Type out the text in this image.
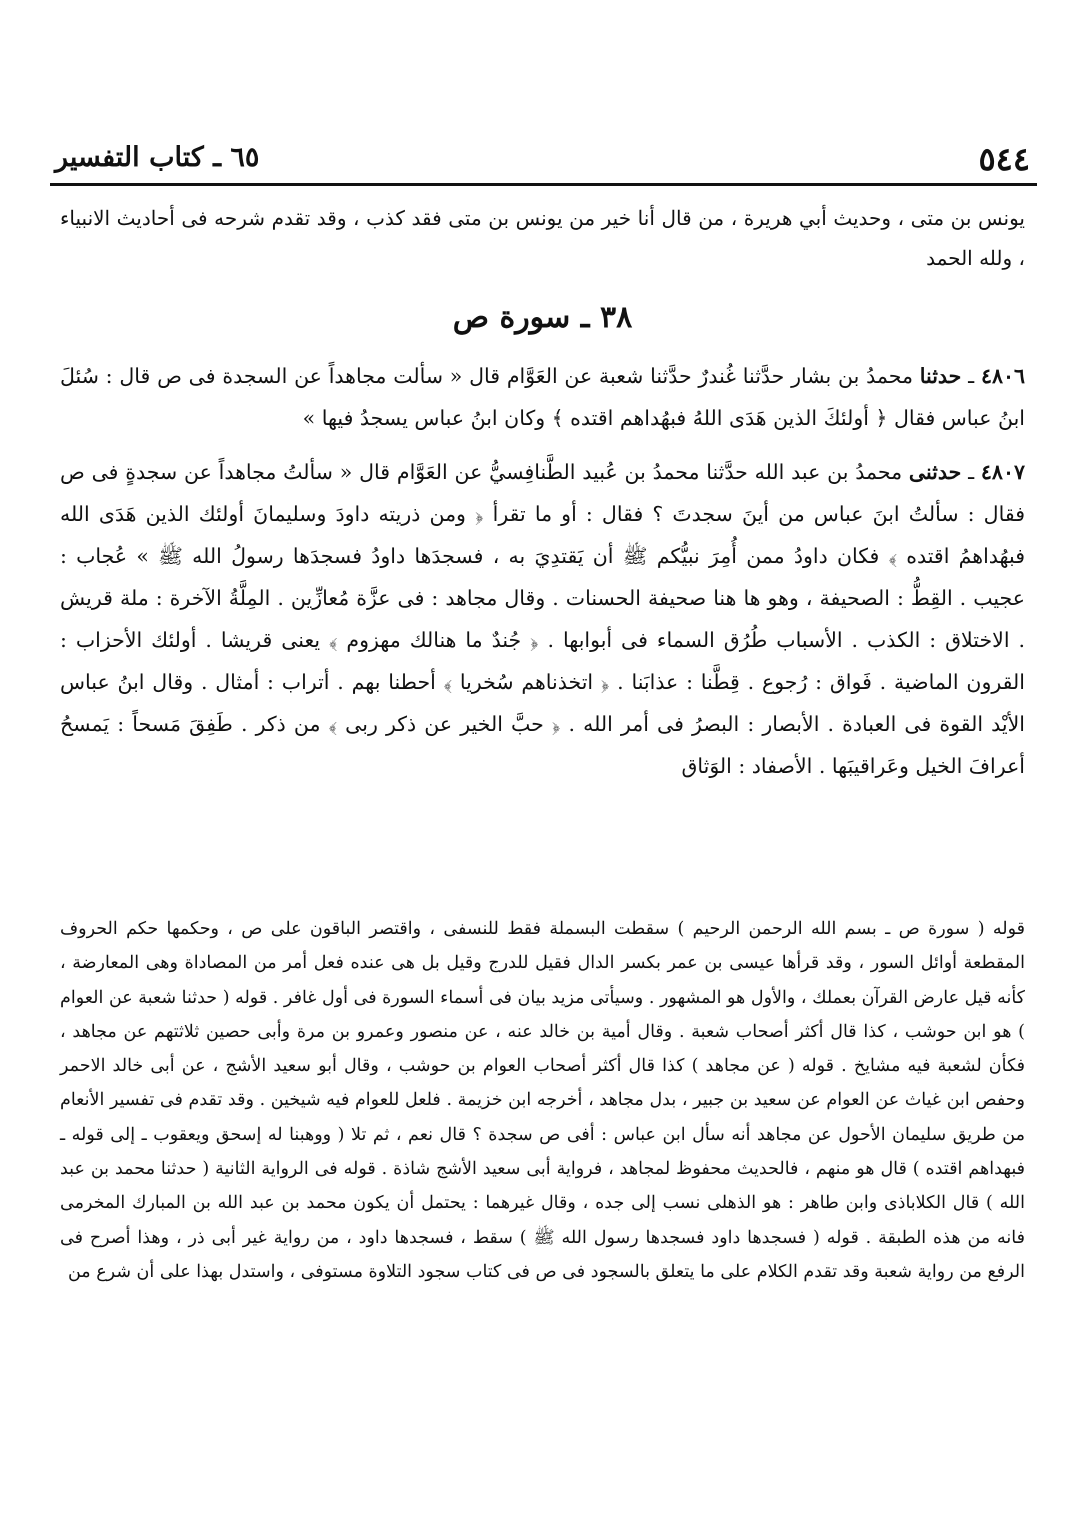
٦٥ ـ كتاب التفسير	٥٤٤
يونس بن متى ، وحديث أبي هريرة ، من قال أنا خير من يونس بن متى فقد كذب ، وقد تقدم شرحه فى أحاديث الانبياء ، ولله الحمد
٣٨ ـ سورة ص

٤٨٠٦ ـ حدثنا محمدُ بن بشار حدَّثنا غُندرٌ حدَّثنا شعبة عن العَوَّام قال « سألت مجاهداً عن السجدة فى ص قال : سُئلَ ابنُ عباس فقال ﴿ أولئكَ الذين هَدَى اللهُ فبهُداهم اقتده ﴾ وكان ابنُ عباس يسجدُ فيها »

٤٨٠٧ ـ حدثنى محمدُ بن عبد الله حدَّثنا محمدُ بن عُبيد الطَّنافِسيُّ عن العَوَّام قال « سألتُ مجاهداً عن سجدةٍ فى ص فقال : سألتُ ابنَ عباس من أينَ سجدتَ ؟ فقال : أو ما تقرأ ﴿ ومن ذريته داودَ وسليمانَ أولئك الذين هَدَى الله فبهُداهمُ اقتده ﴾ فكان داودُ ممن أُمِرَ نبيُّكم ﷺ أن يَقتدِيَ به ، فسجدَها داودُ فسجدَها رسولُ الله ﷺ » عُجاب : عجيب . القِطُّ : الصحيفة ، وهو ها هنا صحيفة الحسنات . وقال مجاهد : فى عزَّة مُعازِّين . المِلَّةُ الآخرة : ملة قريش . الاختلاق : الكذب . الأسباب طُرُق السماء فى أبوابها . ﴿ جُندٌ ما هنالك مهزوم ﴾ يعنى قريشا . أولئك الأحزاب : القرون الماضية . فَواق : رُجوع . قِطَّنا : عذابَنا . ﴿ اتخذناهم سُخريا ﴾ أحطنا بهم . أتراب : أمثال . وقال ابنُ عباس الأيْد القوة فى العبادة . الأبصار : البصرُ فى أمر الله . ﴿ حبَّ الخير عن ذكر ربى ﴾ من ذكر . طَفِقَ مَسحاً : يَمسحُ أعرافَ الخيل وعَراقيبَها . الأصفاد : الوَثاق

قوله ( سورة ص ـ بسم الله الرحمن الرحيم ) سقطت البسملة فقط للنسفى ، واقتصر الباقون على ص ، وحكمها حكم الحروف المقطعة أوائل السور ، وقد قرأها عيسى بن عمر بكسر الدال فقيل للدرج وقيل بل هى عنده فعل أمر من المصاداة وهى المعارضة ، كأنه قيل عارض القرآن بعملك ، والأول هو المشهور . وسيأتى مزيد بيان فى أسماء السورة فى أول غافر . قوله ( حدثنا شعبة عن العوام ) هو ابن حوشب ، كذا قال أكثر أصحاب شعبة . وقال أمية بن خالد عنه ، عن منصور وعمرو بن مرة وأبى حصين ثلاثتهم عن مجاهد ، فكأن لشعبة فيه مشايخ . قوله ( عن مجاهد ) كذا قال أكثر أصحاب العوام بن حوشب ، وقال أبو سعيد الأشج ، عن أبى خالد الاحمر وحفص ابن غياث عن العوام عن سعيد بن جبير ، بدل مجاهد ، أخرجه ابن خزيمة . فلعل للعوام فيه شيخين . وقد تقدم فى تفسير الأنعام من طريق سليمان الأحول عن مجاهد أنه سأل ابن عباس : أفى ص سجدة ؟ قال نعم ، ثم تلا ( ووهبنا له إسحق ويعقوب ـ إلى قوله ـ فبهداهم اقتده ) قال هو منهم ، فالحديث محفوظ لمجاهد ، فرواية أبى سعيد الأشج شاذة . قوله فى الرواية الثانية ( حدثنا محمد بن عبد الله ) قال الكلاباذى وابن طاهر : هو الذهلى نسب إلى جده ، وقال غيرهما : يحتمل أن يكون محمد بن عبد الله بن المبارك المخرمى فانه من هذه الطبقة . قوله ( فسجدها داود فسجدها رسول الله ﷺ ) سقط ، فسجدها داود ، من رواية غير أبى ذر ، وهذا أصرح فى الرفع من رواية شعبة وقد تقدم الكلام على ما يتعلق بالسجود فى ص فى كتاب سجود التلاوة مستوفى ، واستدل بهذا على أن شرع من
